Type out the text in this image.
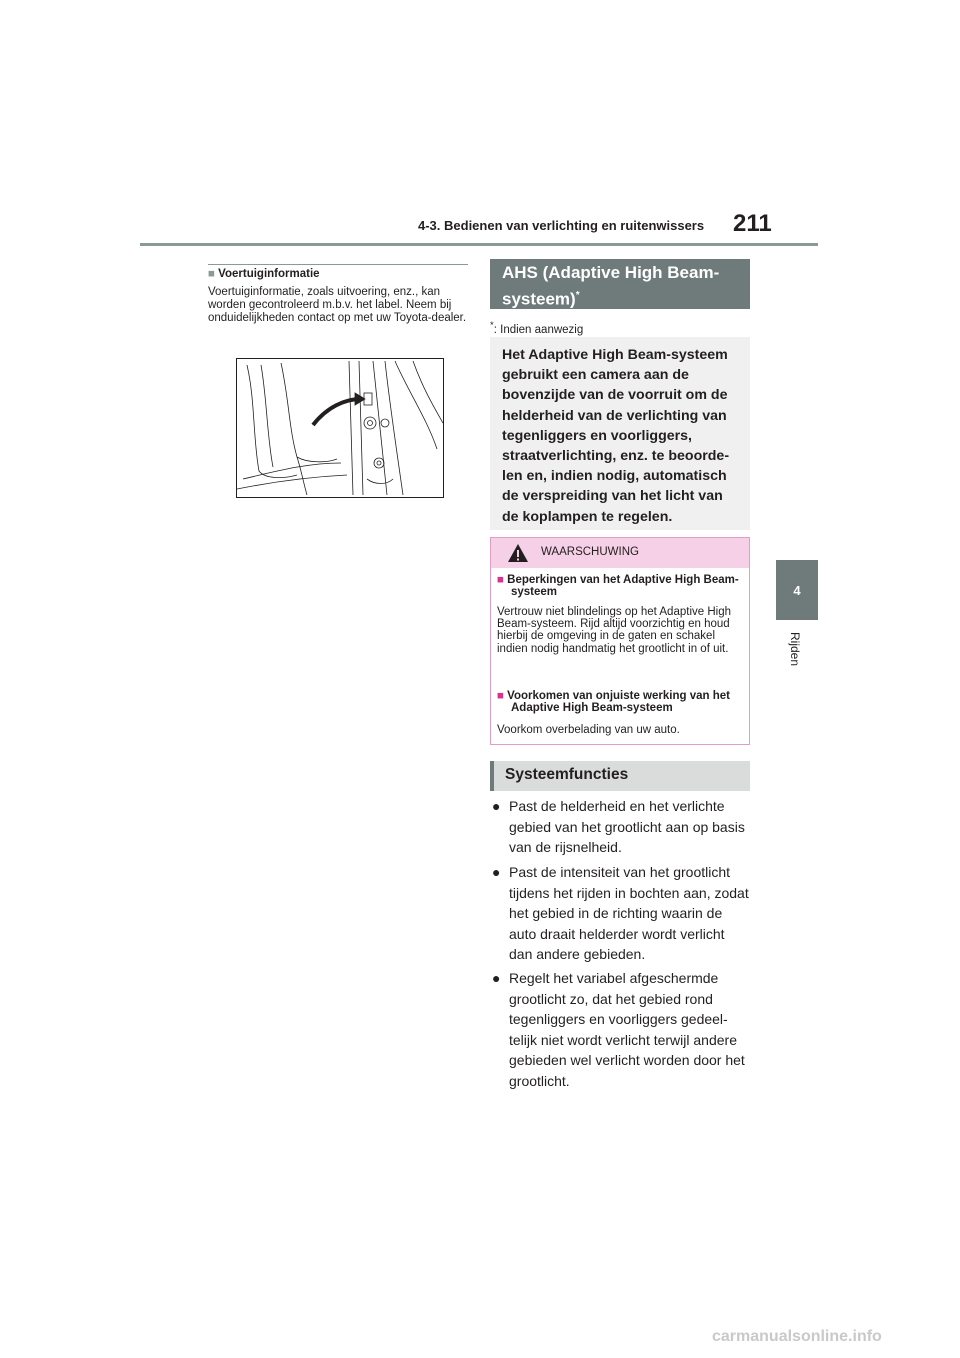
4-3. Bedienen van verlichting en ruitenwissers 211
4
Rijden
■ Voertuiginformatie
Voertuiginformatie, zoals uitvoering, enz., kan worden gecontroleerd m.b.v. het label. Neem bij onduidelijkheden contact op met uw Toyota-dealer.
AHS (Adaptive High Beam-
systeem)*
*: Indien aanwezig
Het Adaptive High Beam-systeem gebruikt een camera aan de bovenzijde van de voorruit om de helderheid van de verlichting van tegenliggers en voorliggers, straatverlichting, enz. te beoorde-len en, indien nodig, automatisch de verspreiding van het licht van de koplampen te regelen.
WAARSCHUWING
■ Beperkingen van het Adaptive High Beam-systeem
Vertrouw niet blindelings op het Adaptive High Beam-systeem. Rijd altijd voorzichtig en houd hierbij de omgeving in de gaten en schakel indien nodig handmatig het grootlicht in of uit.
■ Voorkomen van onjuiste werking van het Adaptive High Beam-systeem
Voorkom overbelading van uw auto.
Systeemfuncties
● Past de helderheid en het verlichte gebied van het grootlicht aan op basis van de rijsnelheid.
● Past de intensiteit van het grootlicht tijdens het rijden in bochten aan, zodat het gebied in de richting waarin de auto draait helderder wordt verlicht dan andere gebieden.
● Regelt het variabel afgeschermde grootlicht zo, dat het gebied rond tegenliggers en voorliggers gedeel-telijk niet wordt verlicht terwijl andere gebieden wel verlicht worden door het grootlicht.
carmanualsonline.info
